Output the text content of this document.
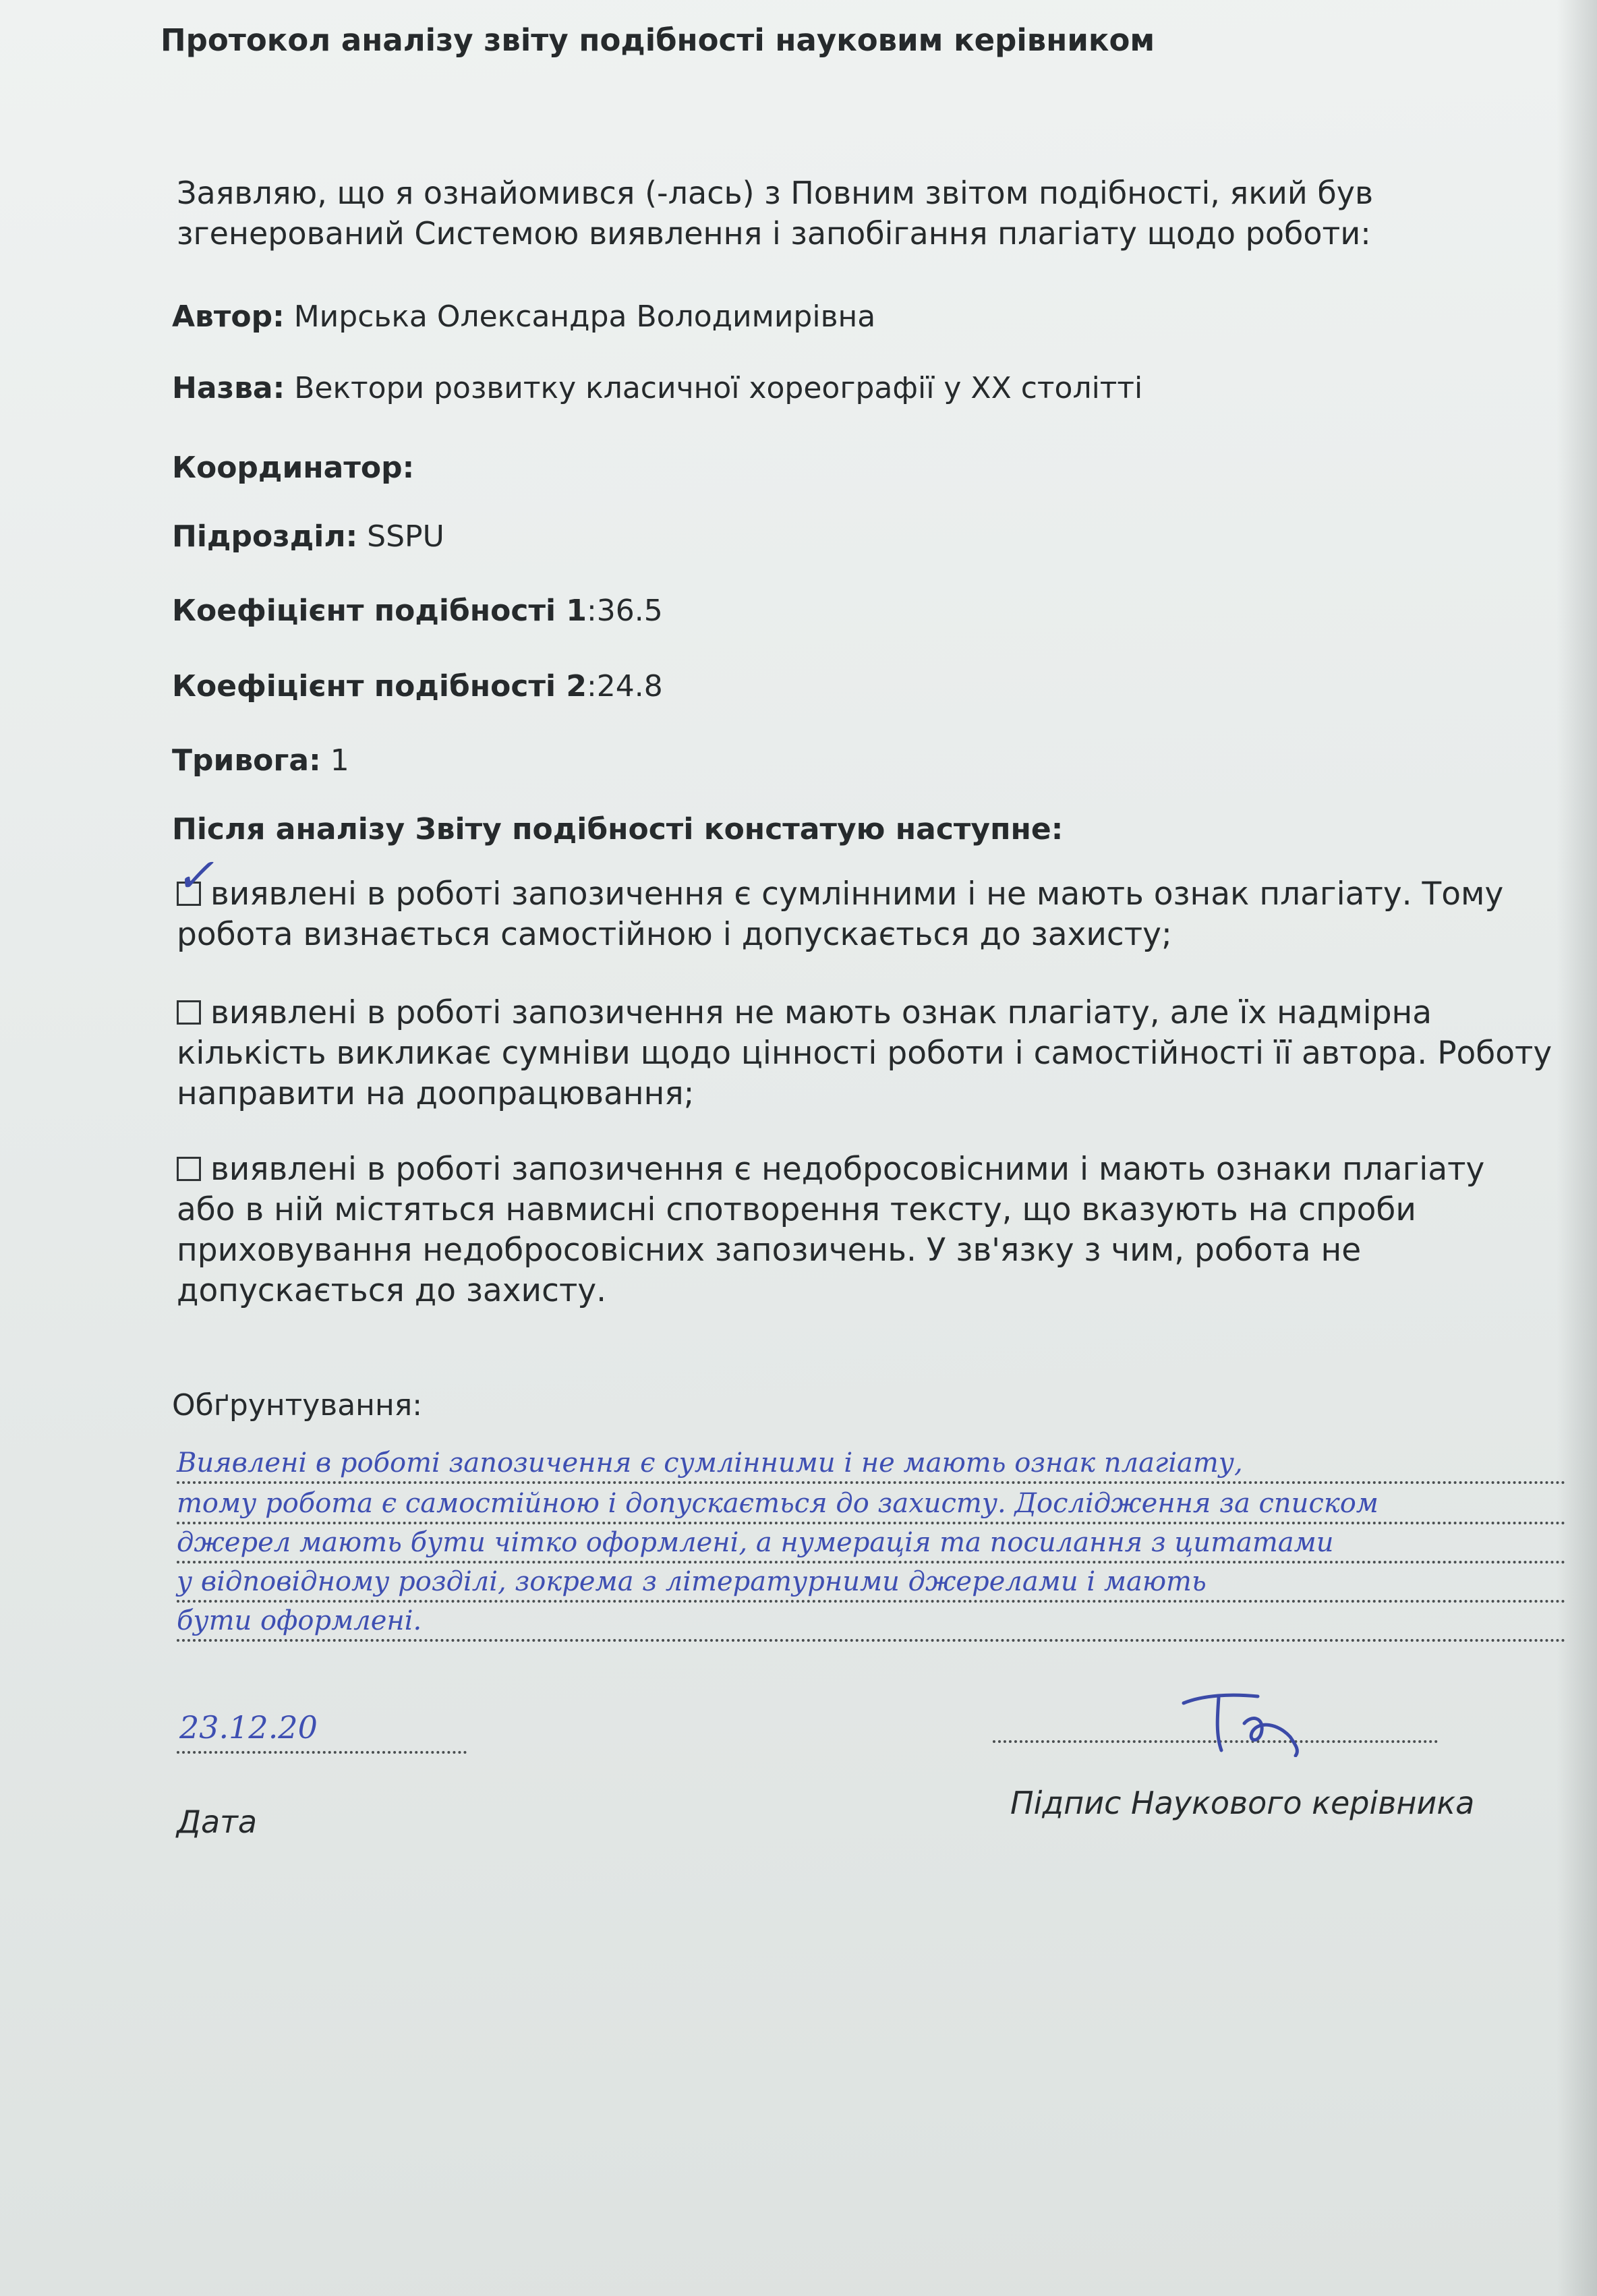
Протокол аналізу звіту подібності науковим керівником
Заявляю, що я ознайомився (-лась) з Повним звітом подібності, який був згенерований Системою виявлення і запобігання плагіату щодо роботи:
Автор: Мирська Олександра Володимирівна
Назва: Вектори розвитку класичної хореографії у XX столітті
Координатор:
Підрозділ: SSPU
Коефіцієнт подібності 1:36.5
Коефіцієнт подібності 2:24.8
Тривога: 1
Після аналізу Звіту подібності констатую наступне:
✓
виявлені в роботі запозичення є сумлінними і не мають ознак плагіату. Тому робота визнається самостійною і допускається до захисту;
виявлені в роботі запозичення не мають ознак плагіату, але їх надмірна кількість викликає сумніви щодо цінності роботи і самостійності її автора. Роботу направити на доопрацювання;
виявлені в роботі запозичення є недобросовісними і мають ознаки плагіату або в ній містяться навмисні спотворення тексту, що вказують на спроби приховування недобросовісних запозичень. У зв'язку з чим, робота не допускається до захисту.
Обґрунтування:
Виявлені в роботі запозичення є сумлінними і не мають ознак плагіату,
тому робота є самостійною і допускається до захисту. Дослідження за списком
джерел мають бути чітко оформлені, а нумерація та посилання з цитатами
у відповідному розділі, зокрема з літературними джерелами і мають
бути оформлені.
23.12.20
Дата
Підпис Наукового керівника
